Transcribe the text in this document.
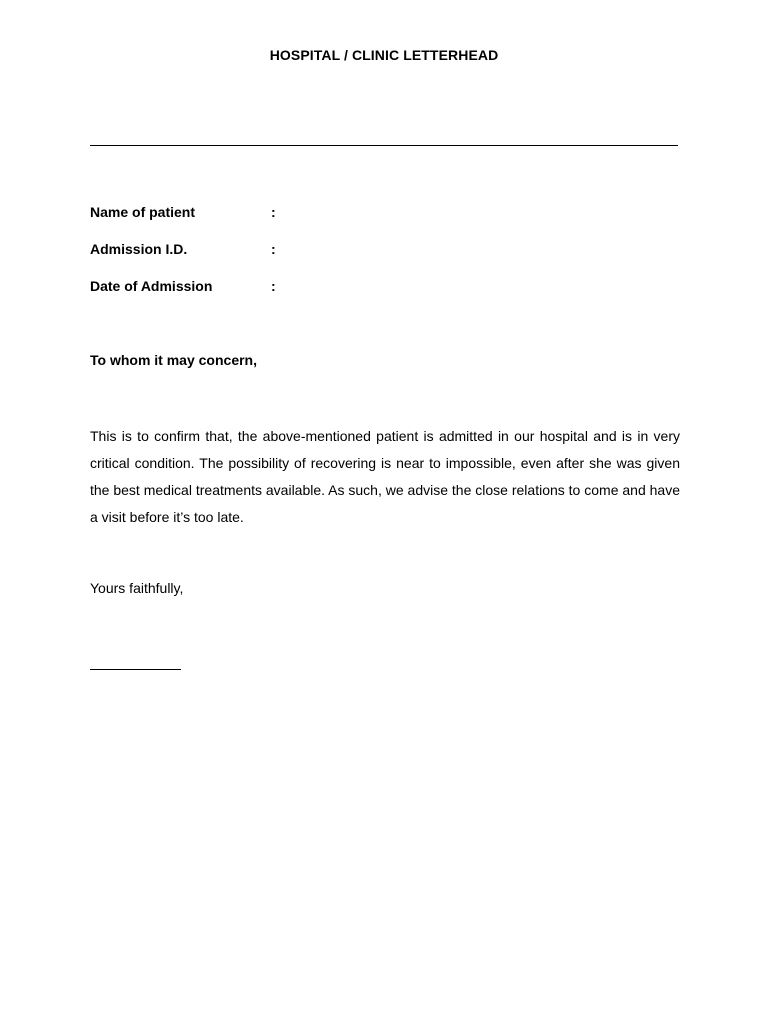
HOSPITAL / CLINIC LETTERHEAD
Name of patient	:
Admission I.D.	:
Date of Admission	:
To whom it may concern,

This is to confirm that, the above-mentioned patient is admitted in our hospital and is in very critical condition. The possibility of recovering is near to impossible, even after she was given the best medical treatments available. As such, we advise the close relations to come and have a visit before it’s too late.

Yours faithfully,
